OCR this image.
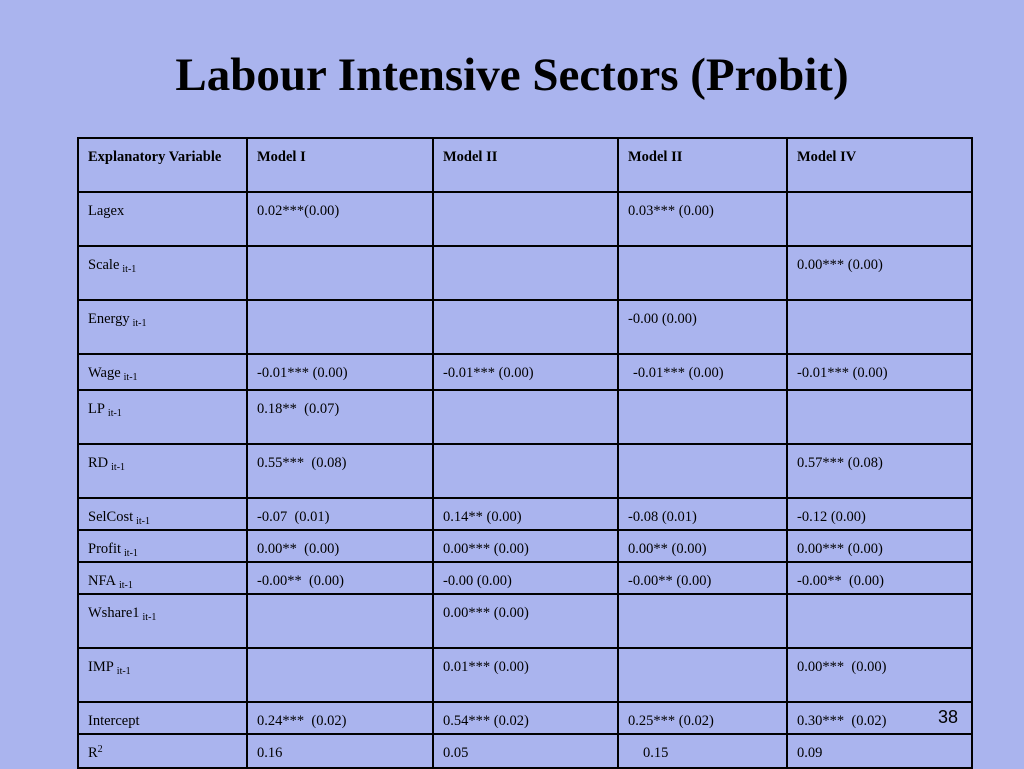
Labour Intensive Sectors (Probit)
Explanatory Variable	Model I	Model II	Model II	Model IV
Lagex	0.02***(0.00)		0.03*** (0.00)	
Scale $_{it-1}$				0.00*** (0.00)
Energy $_{it-1}$			-0.00 (0.00)	
Wage $_{it-1}$	-0.01*** (0.00)	-0.01*** (0.00)	-0.01*** (0.00)	-0.01*** (0.00)
LP $_{it-1}$	0.18**  (0.07)			
RD $_{it-1}$	0.55***  (0.08)			0.57*** (0.08)
SelCost $_{it-1}$	-0.07  (0.01)	0.14** (0.00)	-0.08 (0.01)	-0.12 (0.00)
Profit $_{it-1}$	0.00**  (0.00)	0.00*** (0.00)	0.00** (0.00)	0.00*** (0.00)
NFA $_{it-1}$	-0.00**  (0.00)	-0.00 (0.00)	-0.00** (0.00)	-0.00**  (0.00)
Wshare1 $_{it-1}$		0.00*** (0.00)		
IMP $_{it-1}$		0.01*** (0.00)		0.00***  (0.00)
Intercept	0.24***  (0.02)	0.54*** (0.02)	0.25*** (0.02)	0.30***  (0.02)
$R^2$	0.16	0.05	0.15	0.09
38
